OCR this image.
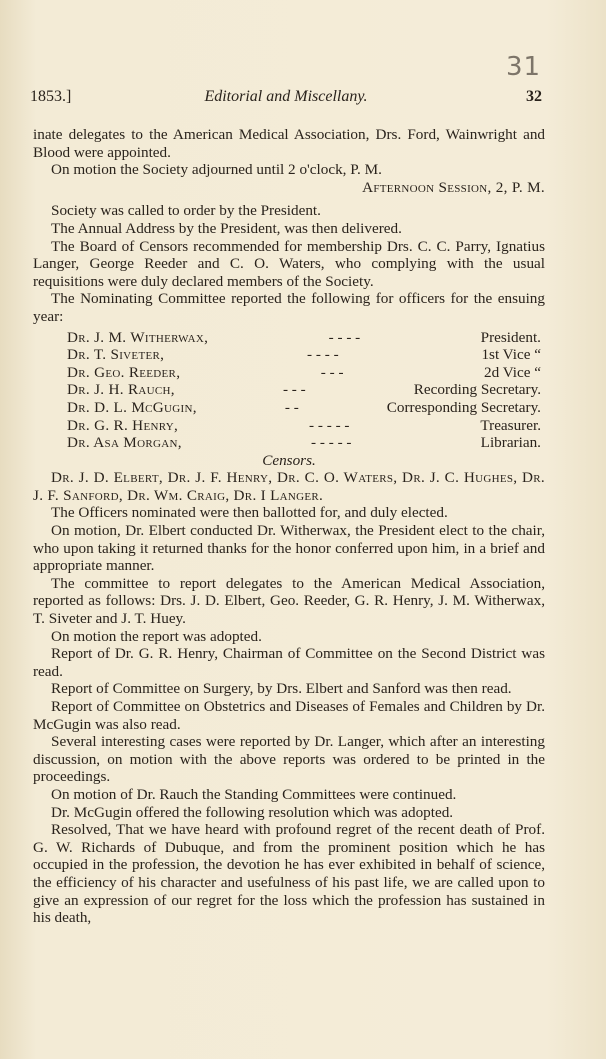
31
1853.]	Editorial and Miscellany.	32

inate delegates to the American Medical Association, Drs. Ford, Wainwright and Blood were appointed.

On motion the Society adjourned until 2 o'clock, P. M.

Afternoon Session, 2, P. M.

Society was called to order by the President.

The Annual Address by the President, was then delivered.

The Board of Censors recommended for membership Drs. C. C. Parry, Ignatius Langer, George Reeder and C. O. Waters, who complying with the usual requisitions were duly declared members of the Society.

The Nominating Committee reported the following for officers for the ensuing year:

Dr. J. M. Witherwax,	- - - -	President.
Dr. T. Siveter,	- - - -	1st Vice “
Dr. Geo. Reeder,	- - -	2d Vice “
Dr. J. H. Rauch,	- - -	Recording Secretary.
Dr. D. L. McGugin,	- -	Corresponding Secretary.
Dr. G. R. Henry,	- - - - -	Treasurer.
Dr. Asa Morgan,	- - - - -	Librarian.

Censors.

Dr. J. D. Elbert, Dr. J. F. Henry, Dr. C. O. Waters, Dr. J. C. Hughes, Dr. J. F. Sanford, Dr. Wm. Craig, Dr. I Langer.

The Officers nominated were then ballotted for, and duly elected.

On motion, Dr. Elbert conducted Dr. Witherwax, the President elect to the chair, who upon taking it returned thanks for the honor conferred upon him, in a brief and appropriate manner.

The committee to report delegates to the American Medical Association, reported as follows: Drs. J. D. Elbert, Geo. Reeder, G. R. Henry, J. M. Witherwax, T. Siveter and J. T. Huey.

On motion the report was adopted.

Report of Dr. G. R. Henry, Chairman of Committee on the Second District was read.

Report of Committee on Surgery, by Drs. Elbert and Sanford was then read.

Report of Committee on Obstetrics and Diseases of Females and Children by Dr. McGugin was also read.

Several interesting cases were reported by Dr. Langer, which after an interesting discussion, on motion with the above reports was ordered to be printed in the proceedings.

On motion of Dr. Rauch the Standing Committees were continued.

Dr. McGugin offered the following resolution which was adopted.

Resolved, That we have heard with profound regret of the recent death of Prof. G. W. Richards of Dubuque, and from the prominent position which he has occupied in the profession, the devotion he has ever exhibited in behalf of science, the efficiency of his character and usefulness of his past life, we are called upon to give an expression of our regret for the loss which the profession has sustained in his death,
